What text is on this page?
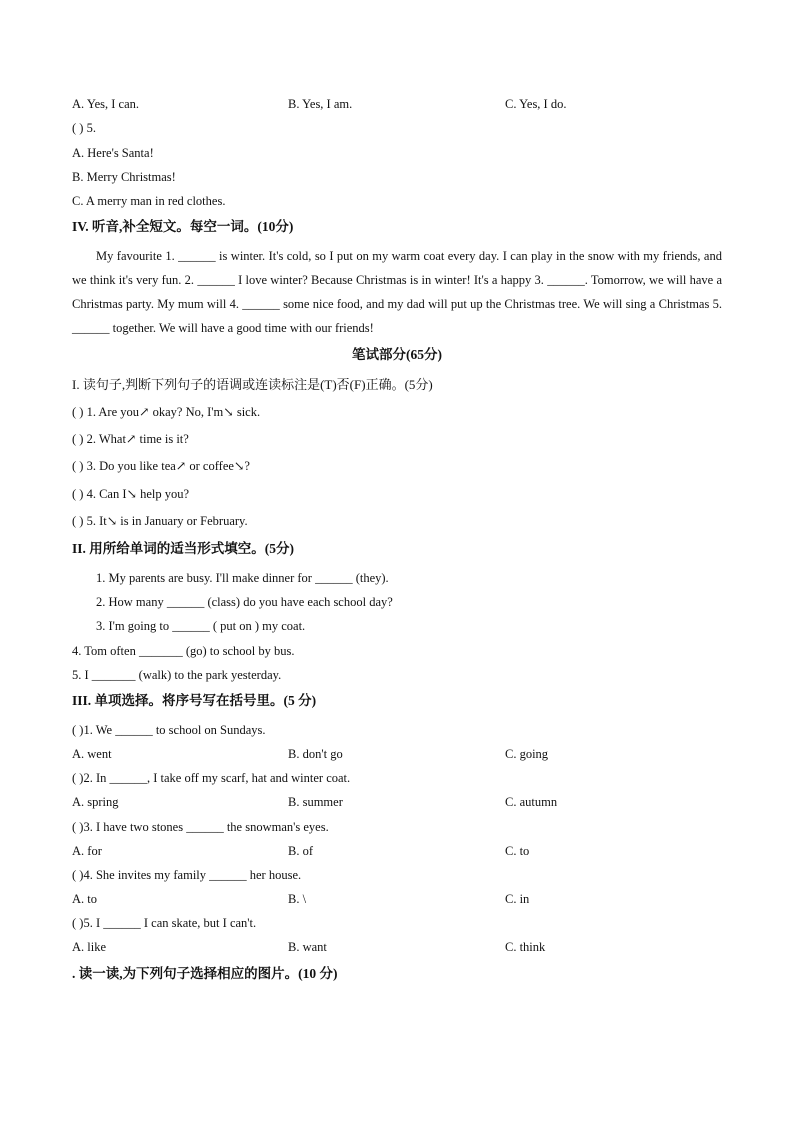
A. Yes, I can.	B. Yes, I am.	C. Yes, I do.
( ) 5.
A. Here's Santa!
B. Merry Christmas!
C. A merry man in red clothes.
IV. 听音,补全短文。每空一词。(10分)
My favourite 1. ______ is winter. It's cold, so I put on my warm coat every day. I can play in the snow with my friends, and we think it's very fun. 2. ______ I love winter? Because Christmas is in winter! It's a happy 3. ______. Tomorrow, we will have a Christmas party. My mum will 4. ______ some nice food, and my dad will put up the Christmas tree. We will sing a Christmas 5. ______ together. We will have a good time with our friends!
笔试部分(65分)
I. 读句子,判断下列句子的语调或连读标注是(T)否(F)正确。(5分)
( ) 1. Are you↗ okay? No, I'm↘ sick.
( ) 2. What↗ time is it?
( ) 3. Do you like tea↗ or coffee↘?
( ) 4. Can I↘ help you?
( ) 5. It↘ is in January or February.
II. 用所给单词的适当形式填空。(5分)
1. My parents are busy. I'll make dinner for ______ (they).
2. How many ______ (class) do you have each school day?
3. I'm going to ______ ( put on ) my coat.
4. Tom often _______ (go) to school by bus.
5. I _______ (walk) to the park yesterday.
III. 单项选择。将序号写在括号里。(5 分)
( )1. We ______ to school on Sundays.
A. went	B. don't go	C. going
( )2. In ______, I take off my scarf, hat and winter coat.
A. spring	B. summer	C. autumn
( )3. I have two stones ______ the snowman's eyes.
A. for	B. of	C. to
( )4. She invites my family ______ her house.
A. to	B. \	C. in
( )5. I ______ I can skate, but I can't.
A. like	B. want	C. think
. 读一读,为下列句子选择相应的图片。(10 分)
